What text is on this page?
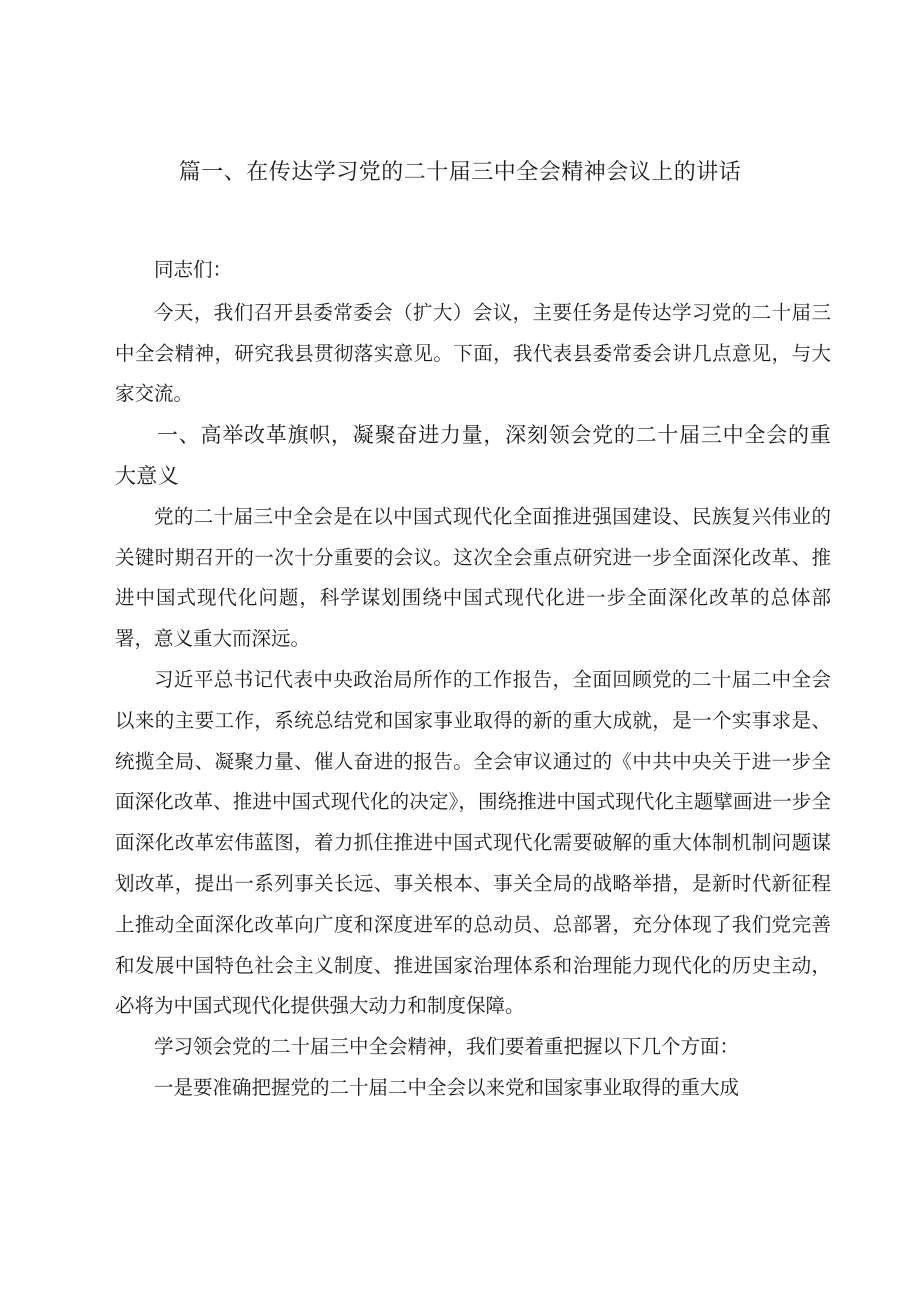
篇一、在传达学习党的二十届三中全会精神会议上的讲话

同志们：

今天，我们召开县委常委会（扩大）会议，主要任务是传达学习党的二十届三中全会精神，研究我县贯彻落实意见。下面，我代表县委常委会讲几点意见，与大家交流。

一、高举改革旗帜，凝聚奋进力量，深刻领会党的二十届三中全会的重大意义

党的二十届三中全会是在以中国式现代化全面推进强国建设、民族复兴伟业的关键时期召开的一次十分重要的会议。这次全会重点研究进一步全面深化改革、推进中国式现代化问题，科学谋划围绕中国式现代化进一步全面深化改革的总体部署，意义重大而深远。

习近平总书记代表中央政治局所作的工作报告，全面回顾党的二十届二中全会以来的主要工作，系统总结党和国家事业取得的新的重大成就，是一个实事求是、统揽全局、凝聚力量、催人奋进的报告。全会审议通过的《中共中央关于进一步全面深化改革、推进中国式现代化的决定》，围绕推进中国式现代化主题擘画进一步全面深化改革宏伟蓝图，着力抓住推进中国式现代化需要破解的重大体制机制问题谋划改革，提出一系列事关长远、事关根本、事关全局的战略举措，是新时代新征程上推动全面深化改革向广度和深度进军的总动员、总部署，充分体现了我们党完善和发展中国特色社会主义制度、推进国家治理体系和治理能力现代化的历史主动，必将为中国式现代化提供强大动力和制度保障。

学习领会党的二十届三中全会精神，我们要着重把握以下几个方面：

一是要准确把握党的二十届二中全会以来党和国家事业取得的重大成
